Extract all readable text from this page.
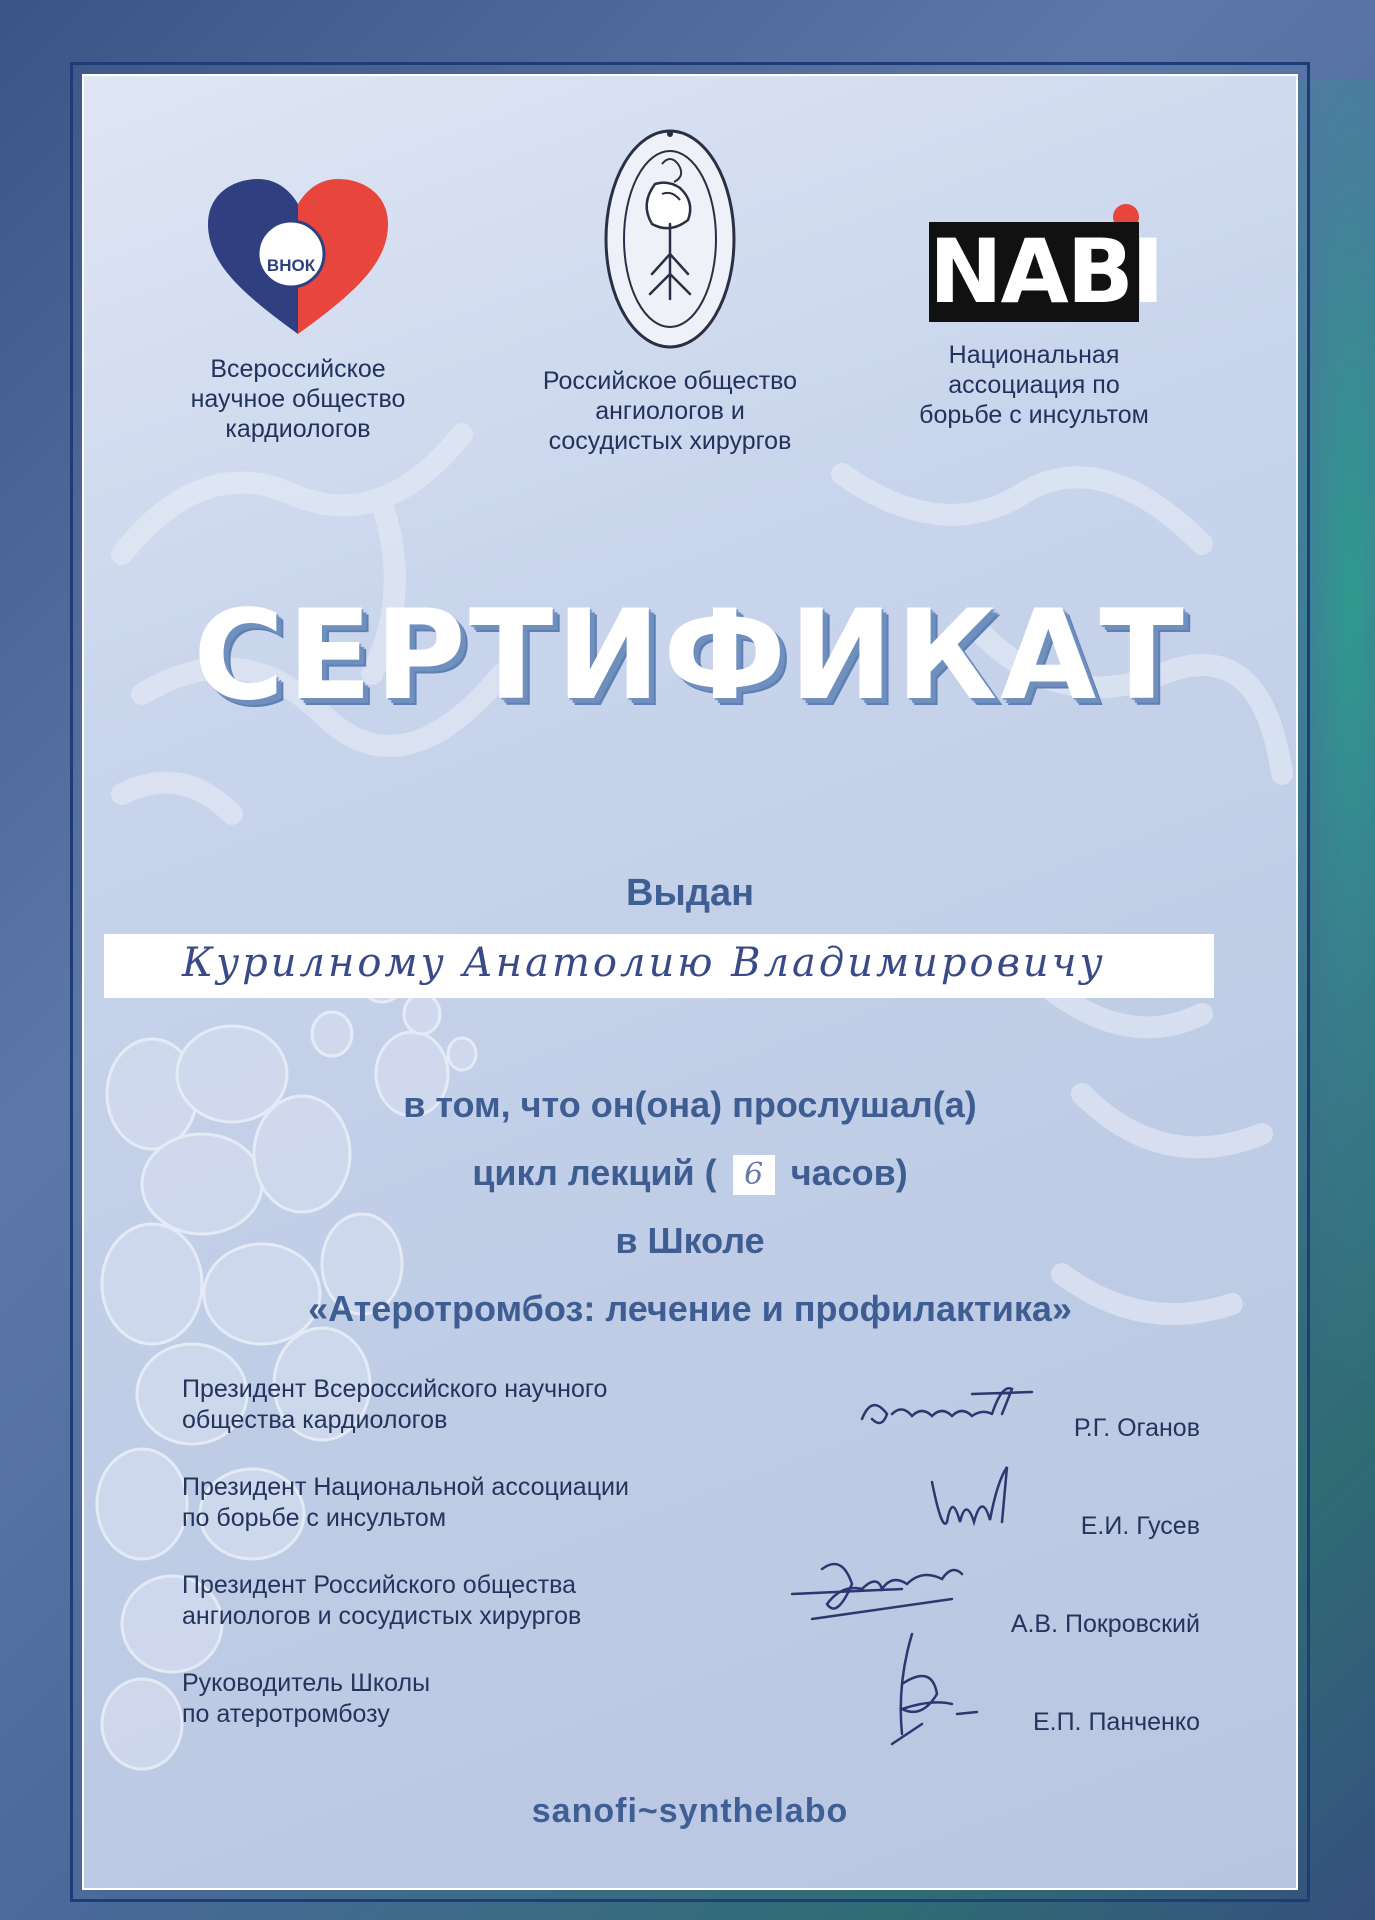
ВНОК
Всероссийское
научное общество
кардиологов
Российское общество
ангиологов и
сосудистых хирургов
NABI
Национальная
ассоциация по
борьбе с инсультом
СЕРТИФИКАТ
Выдан
Курилному Анатолию Владимировичу
в том, что он(она) прослушал(а)
цикл лекций ( 6 часов)
в Школе
«Атеротромбоз: лечение и профилактика»
Президент Всероссийского научного
общества кардиологов	Р.Г. Оганов
Президент Национальной ассоциации
по борьбе с инсультом	Е.И. Гусев
Президент Российского общества
ангиологов и сосудистых хирургов	А.В. Покровский
Руководитель Школы
по атеротромбозу	Е.П. Панченко
sanofi~synthelabo
